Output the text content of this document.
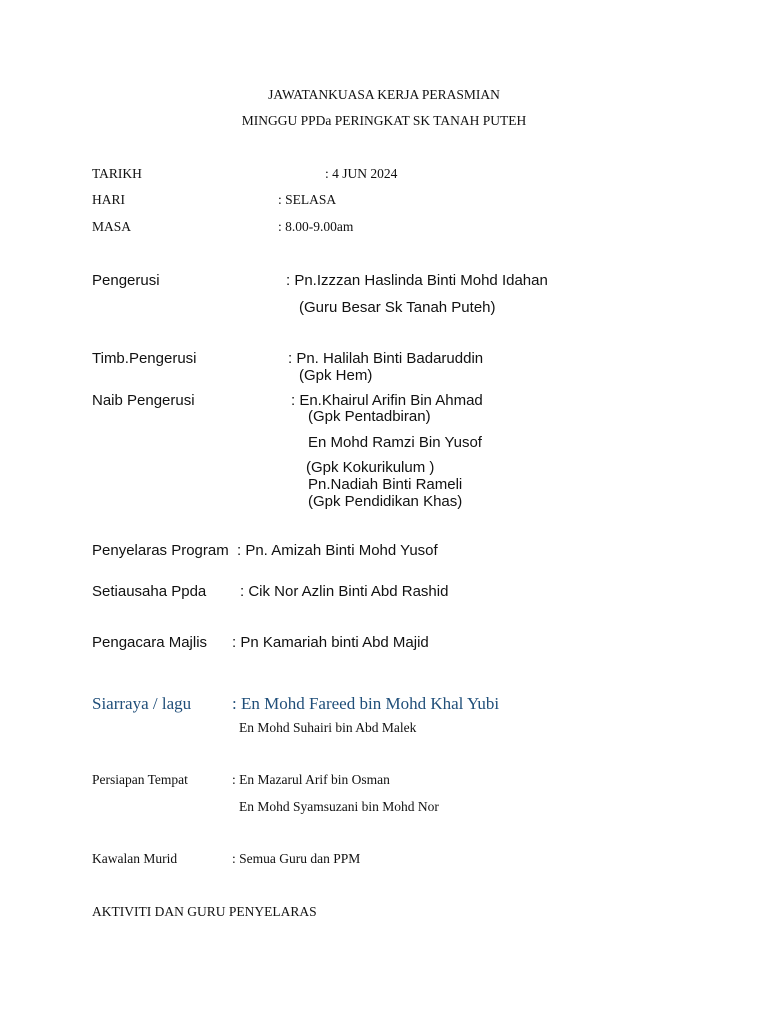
JAWATANKUASA KERJA PERASMIAN
MINGGU PPDa PERINGKAT SK TANAH PUTEH
TARIKH	: 4 JUN 2024
HARI	: SELASA
MASA	: 8.00-9.00am
Pengerusi	: Pn.Izzzan Haslinda Binti Mohd Idahan
(Guru Besar Sk Tanah Puteh)
Timb.Pengerusi	: Pn. Halilah Binti Badaruddin
(Gpk Hem)
Naib Pengerusi	: En.Khairul Arifin Bin Ahmad
(Gpk Pentadbiran)
En Mohd Ramzi Bin Yusof
(Gpk Kokurikulum )
Pn.Nadiah Binti Rameli
(Gpk Pendidikan Khas)
Penyelaras Program : Pn. Amizah Binti Mohd Yusof
Setiausaha Ppda : Cik Nor Azlin Binti Abd Rashid
Pengacara Majlis : Pn Kamariah binti Abd Majid
Siarraya / lagu : En Mohd Fareed bin Mohd Khal Yubi
En Mohd Suhairi bin Abd Malek
Persiapan Tempat	: En Mazarul Arif bin Osman
En Mohd Syamsuzani bin Mohd Nor
Kawalan Murid	: Semua Guru dan PPM
AKTIVITI DAN GURU PENYELARAS
